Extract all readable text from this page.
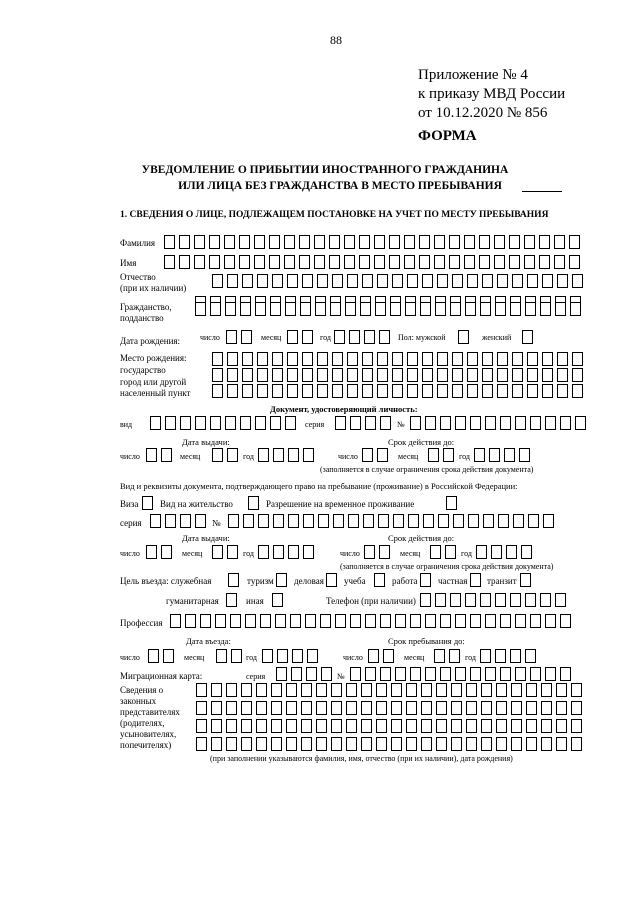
88
Приложение № 4
к приказу МВД России
от 10.12.2020 № 856
ФОРМА
УВЕДОМЛЕНИЕ О ПРИБЫТИИ ИНОСТРАННОГО ГРАЖДАНИНА
ИЛИ ЛИЦА БЕЗ ГРАЖДАНСТВА В МЕСТО ПРЕБЫВАНИЯ
1. СВЕДЕНИЯ О ЛИЦЕ, ПОДЛЕЖАЩЕМ ПОСТАНОВКЕ НА УЧЕТ ПО МЕСТУ ПРЕБЫВАНИЯ
Фамилия
Имя
Отчество
(при их наличии)
Гражданство,
подданство
Дата рождения: число	месяц	год	Пол: мужской	женский
Место рождения:
государство
город или другой
населенный пункт
Документ, удостоверяющий личность:
вид	серия	№
Дата выдачи:	Срок действия до:
число	месяц	год	число	месяц	год
(заполняется в случае ограничения срока действия документа)
Вид и реквизиты документа, подтверждающего право на пребывание (проживание) в Российской Федерации:
Виза Вид на жительство	Разрешение на временное проживание
серия	№
Дата выдачи:	Срок действия до:
число	месяц	год	число	месяц	год
(заполняется в случае ограничения срока действия документа)
Цель въезда: служебная	туризм деловая учеба	работа частная транзит
гуманитарная	иная	Телефон (при наличии)
Профессия
Дата въезда:	Срок пребывания до:
число	месяц	год	число	месяц	год
Миграционная карта:	серия	№
Сведения о
законных
представителях
(родителях,
усыновителях,
попечителях)
(при заполнении указываются фамилия, имя, отчество (при их наличии), дата рождения)
